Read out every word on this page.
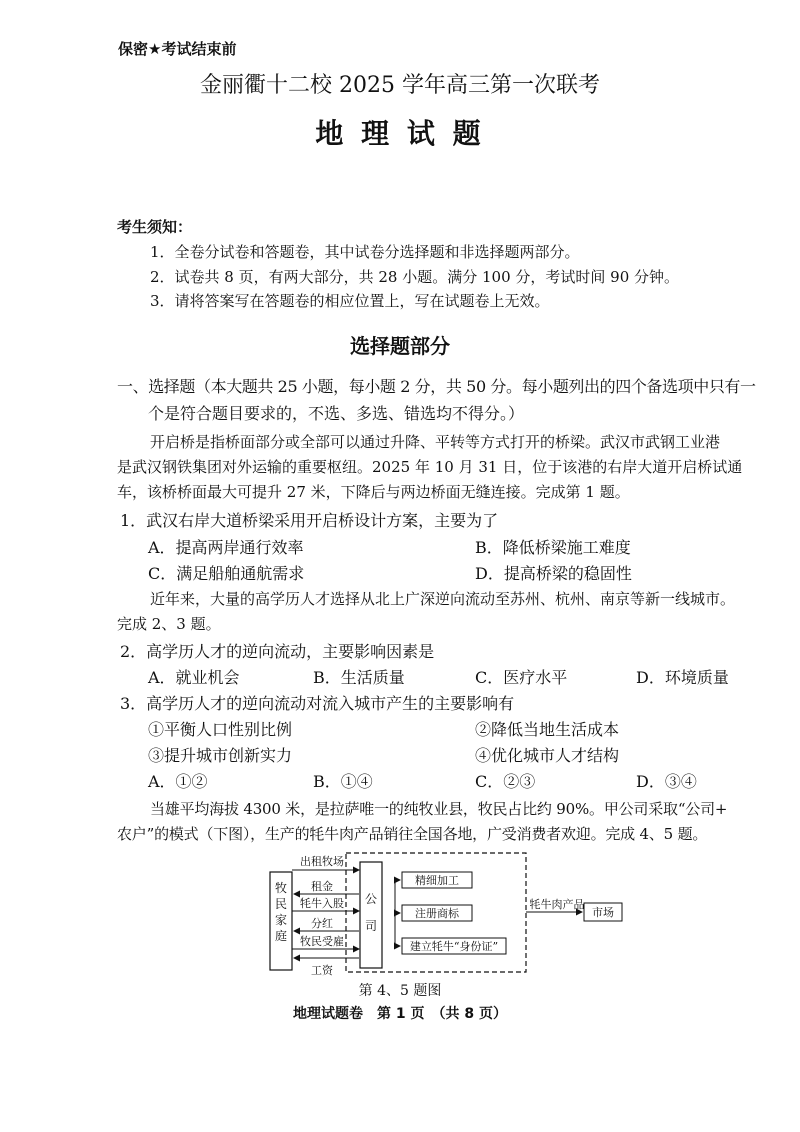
保密★考试结束前
金丽衢十二校 2025 学年高三第一次联考
地 理 试 题
考生须知：
1．全卷分试卷和答题卷，其中试卷分选择题和非选择题两部分。
2．试卷共 8 页，有两大部分，共 28 小题。满分 100 分，考试时间 90 分钟。
3．请将答案写在答题卷的相应位置上，写在试题卷上无效。
选择题部分
一、选择题（本大题共 25 小题，每小题 2 分，共 50 分。每小题列出的四个备选项中只有一
个是符合题目要求的，不选、多选、错选均不得分。）
开启桥是指桥面部分或全部可以通过升降、平转等方式打开的桥梁。武汉市武钢工业港
是武汉钢铁集团对外运输的重要枢纽。2025 年 10 月 31 日，位于该港的右岸大道开启桥试通
车，该桥桥面最大可提升 27 米，下降后与两边桥面无缝连接。完成第 1 题。
1．武汉右岸大道桥梁采用开启桥设计方案，主要为了
A．提高两岸通行效率	B．降低桥梁施工难度
C．满足船舶通航需求	D．提高桥梁的稳固性
近年来，大量的高学历人才选择从北上广深逆向流动至苏州、杭州、南京等新一线城市。
完成 2、3 题。
2．高学历人才的逆向流动，主要影响因素是
A．就业机会	B．生活质量	C．医疗水平	D．环境质量
3．高学历人才的逆向流动对流入城市产生的主要影响有
①平衡人口性别比例	②降低当地生活成本
③提升城市创新实力	④优化城市人才结构
A．①②	B．①④	C．②③	D．③④
当雄平均海拔 4300 米，是拉萨唯一的纯牧业县，牧民占比约 90%。甲公司采取“公司+
农户”的模式（下图），生产的牦牛肉产品销往全国各地，广受消费者欢迎。完成 4、5 题。
牧
民
家
庭
公
司
出租牧场
租金
牦牛入股
分红
牧民受雇
工资
精细加工
注册商标
建立牦牛“身份证”
牦牛肉产品
市场
第 4、5 题图
地理试题卷　第 1 页　（共 8 页）
